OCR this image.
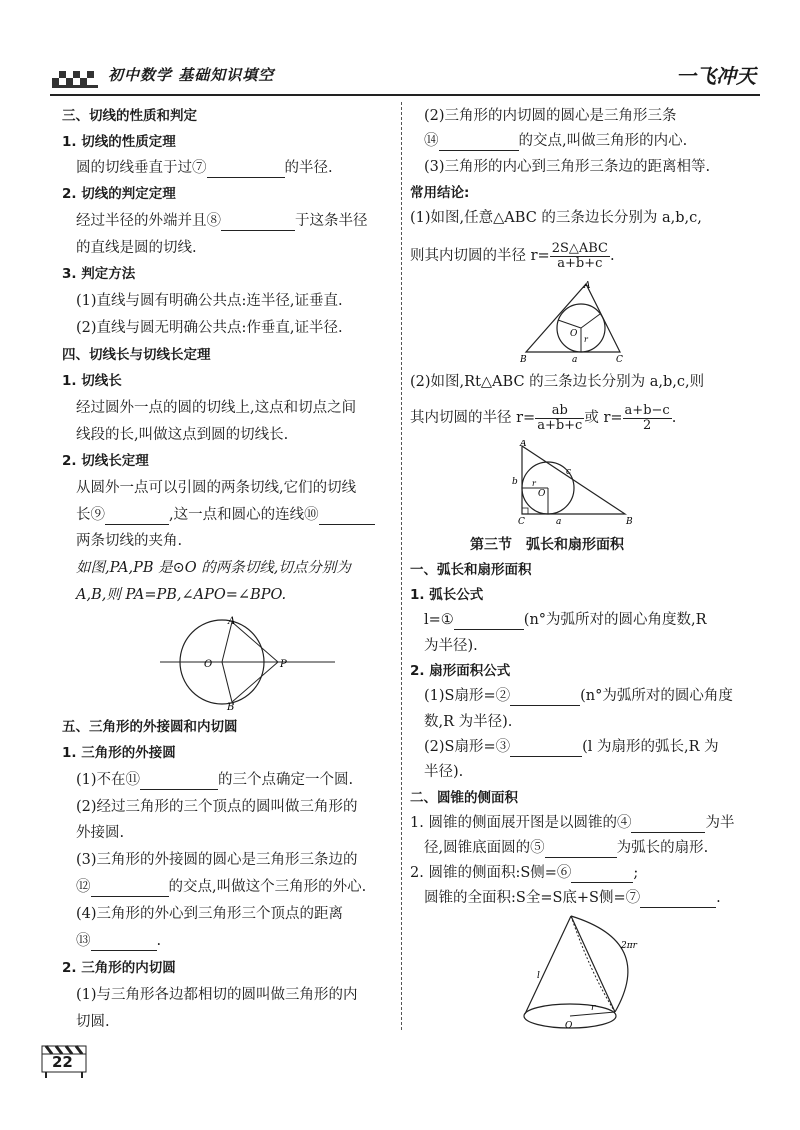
初中数学 基础知识填空	一飞冲天
三、切线的性质和判定
1. 切线的性质定理
圆的切线垂直于过⑦	的半径.
2. 切线的判定定理
经过半径的外端并且⑧	于这条半径
的直线是圆的切线.
3. 判定方法
(1)直线与圆有明确公共点:连半径,证垂直.
(2)直线与圆无明确公共点:作垂直,证半径.
四、切线长与切线长定理
1. 切线长
经过圆外一点的圆的切线上,这点和切点之间
线段的长,叫做这点到圆的切线长.
2. 切线长定理
从圆外一点可以引圆的两条切线,它们的切线
长⑨	,这一点和圆心的连线⑩
两条切线的夹角.
如图,PA,PB 是⊙O 的两条切线,切点分别为
A,B,则 PA=PB,∠APO=∠BPO.
A
B
O	P
五、三角形的外接圆和内切圆
1. 三角形的外接圆
(1)不在⑪	的三个点确定一个圆.
(2)经过三角形的三个顶点的圆叫做三角形的
外接圆.
(3)三角形的外接圆的圆心是三角形三条边的
⑫	的交点,叫做这个三角形的外心.
(4)三角形的外心到三角形三个顶点的距离
⑬	.
2. 三角形的内切圆
(1)与三角形各边都相切的圆叫做三角形的内
切圆.
(2)三角形的内切圆的圆心是三角形三条
⑭	的交点,叫做三角形的内心.
(3)三角形的内心到三角形三条边的距离相等.
常用结论:
(1)如图,任意△ABC 的三条边长分别为 a,b,c,
则其内切圆的半径 $r= \frac{\text{2S△ABC}}{a+b+c}$ .
A
B	C
O
a
r
(2)如图,Rt△ABC 的三条边长分别为 a,b,c,则
其内切圆的半径 $r= \frac{ab}{a+b+c}$ 或 $r= \frac{a+b-c}{2}$ .
A
B
C
O
a
b
c
r
第三节　弧长和扇形面积
一、弧长和扇形面积
1. 弧长公式
l=①	(n°为弧所对的圆心角度数,R
为半径).
2. 扇形面积公式
(1)S扇形=②	(n°为弧所对的圆心角度
数,R 为半径).
(2)S扇形=③	(l 为扇形的弧长,R 为
半径).
二、圆锥的侧面积
1. 圆锥的侧面展开图是以圆锥的④	为半
径,圆锥底面圆的⑤	为弧长的扇形.
2. 圆锥的侧面积:S侧=⑥	;
圆锥的全面积:S全=S底+S侧=⑦	.
2πr
l
r
O
22
